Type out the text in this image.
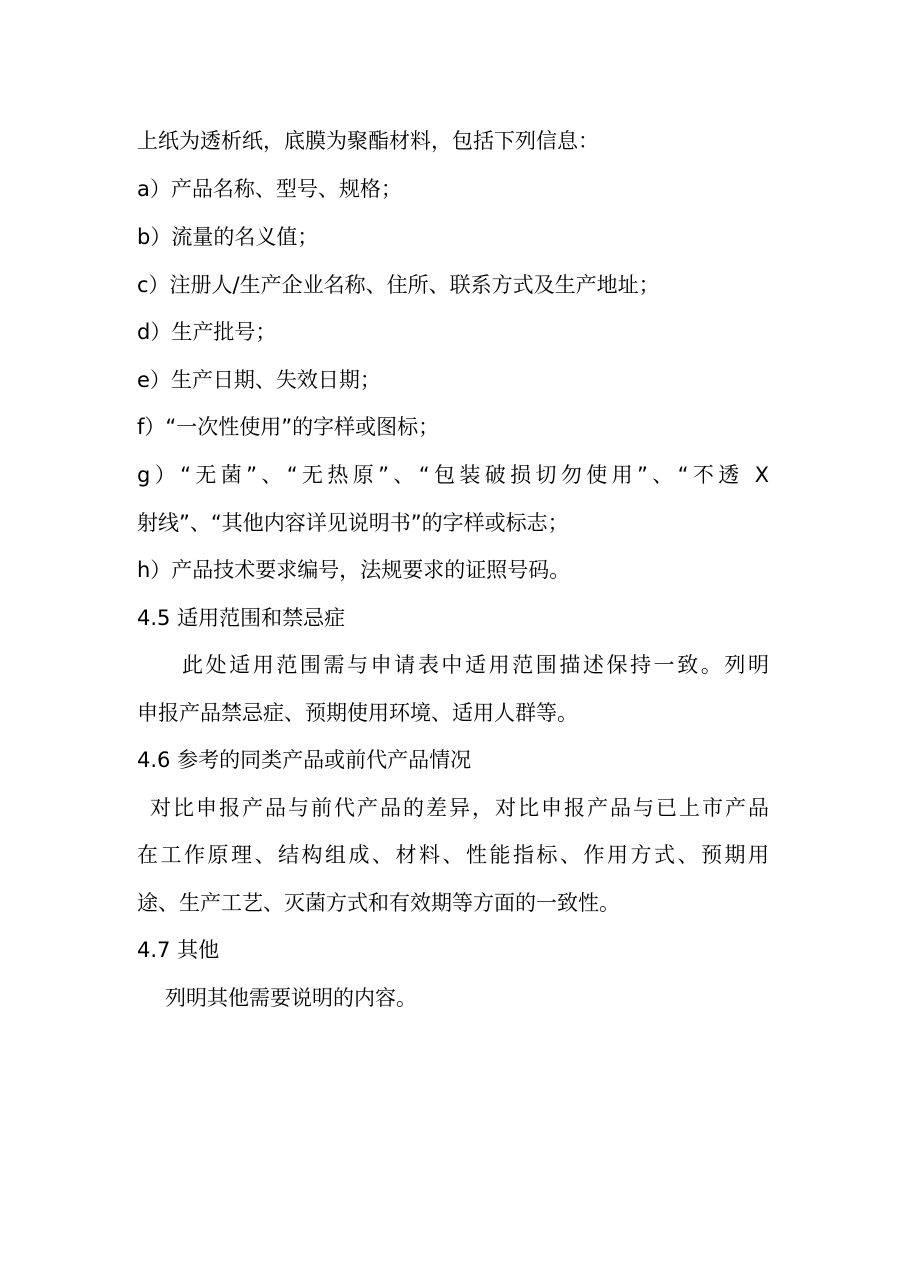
上纸为透析纸，底膜为聚酯材料，包括下列信息：
a）产品名称、型号、规格；
b）流量的名义值；
c）注册人/生产企业名称、住所、联系方式及生产地址；
d）生产批号；
e）生产日期、失效日期；
f）“一次性使用”的字样或图标；
g）“无菌”、“无热原”、“包装破损切勿使用”、“不透 X
射线”、“其他内容详见说明书”的字样或标志；
h）产品技术要求编号，法规要求的证照号码。
4.5 适用范围和禁忌症
此处适用范围需与申请表中适用范围描述保持一致。列明
申报产品禁忌症、预期使用环境、适用人群等。
4.6 参考的同类产品或前代产品情况
对比申报产品与前代产品的差异，对比申报产品与已上市产品
在工作原理、结构组成、材料、性能指标、作用方式、预期用
途、生产工艺、灭菌方式和有效期等方面的一致性。
4.7 其他
列明其他需要说明的内容。
